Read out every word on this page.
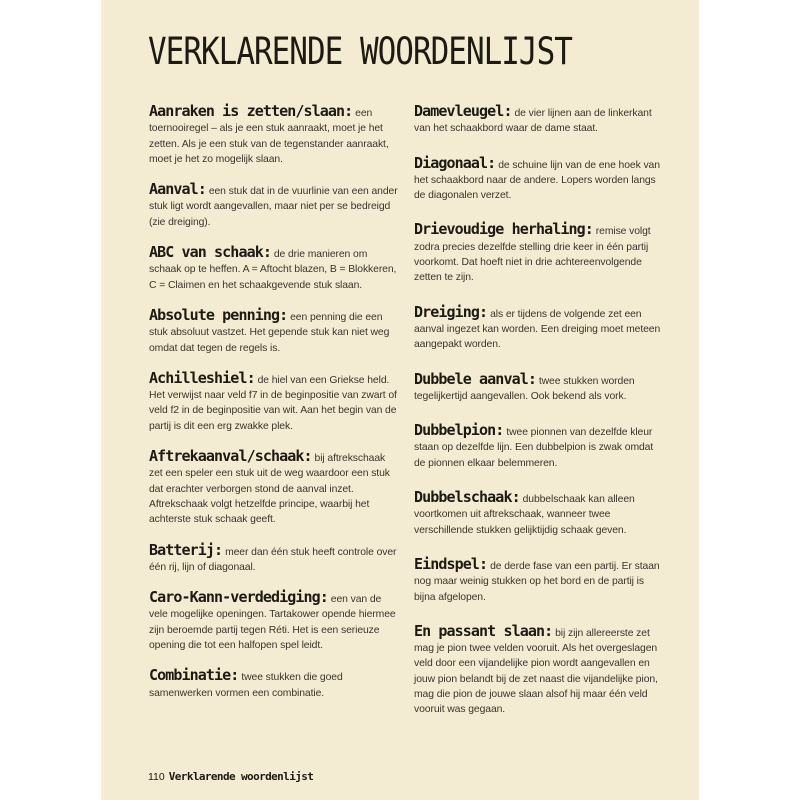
VERKLARENDE WOORDENLIJST

Aanraken is zetten/slaan: een toernooiregel – als je een stuk aanraakt, moet je het zetten. Als je een stuk van de tegenstander aanraakt, moet je het zo mogelijk slaan.

Aanval: een stuk dat in de vuurlinie van een ander stuk ligt wordt aangevallen, maar niet per se bedreigd (zie dreiging).

ABC van schaak: de drie manieren om schaak op te heffen. A = Aftocht blazen, B = Blokkeren, C = Claimen en het schaakgevende stuk slaan.

Absolute penning: een penning die een stuk absoluut vastzet. Het gepende stuk kan niet weg omdat dat tegen de regels is.

Achilleshiel: de hiel van een Griekse held. Het verwijst naar veld f7 in de beginpositie van zwart of veld f2 in de beginpositie van wit. Aan het begin van de partij is dit een erg zwakke plek.

Aftrekaanval/schaak: bij aftrekschaak zet een speler een stuk uit de weg waardoor een stuk dat erachter verborgen stond de aanval inzet. Aftrekschaak volgt hetzelfde principe, waarbij het achterste stuk schaak geeft.

Batterij: meer dan één stuk heeft controle over één rij, lijn of diagonaal.

Caro-Kann-verdediging: een van de vele mogelijke openingen. Tartakower opende hiermee zijn beroemde partij tegen Réti. Het is een serieuze opening die tot een halfopen spel leidt.

Combinatie: twee stukken die goed samenwerken vormen een combinatie.

Damevleugel: de vier lijnen aan de linkerkant van het schaakbord waar de dame staat.

Diagonaal: de schuine lijn van de ene hoek van het schaakbord naar de andere. Lopers worden langs de diagonalen verzet.

Drievoudige herhaling: remise volgt zodra precies dezelfde stelling drie keer in één partij voorkomt. Dat hoeft niet in drie achtereenvolgende zetten te zijn.

Dreiging: als er tijdens de volgende zet een aanval ingezet kan worden. Een dreiging moet meteen aangepakt worden.

Dubbele aanval: twee stukken worden tegelijkertijd aangevallen. Ook bekend als vork.

Dubbelpion: twee pionnen van dezelfde kleur staan op dezelfde lijn. Een dubbelpion is zwak omdat de pionnen elkaar belemmeren.

Dubbelschaak: dubbelschaak kan alleen voortkomen uit aftrekschaak, wanneer twee verschillende stukken gelijktijdig schaak geven.

Eindspel: de derde fase van een partij. Er staan nog maar weinig stukken op het bord en de partij is bijna afgelopen.

En passant slaan: bij zijn allereerste zet mag je pion twee velden vooruit. Als het overgeslagen veld door een vijandelijke pion wordt aangevallen en jouw pion belandt bij de zet naast die vijandelijke pion, mag die pion de jouwe slaan alsof hij maar één veld vooruit was gegaan.

110 Verklarende woordenlijst
